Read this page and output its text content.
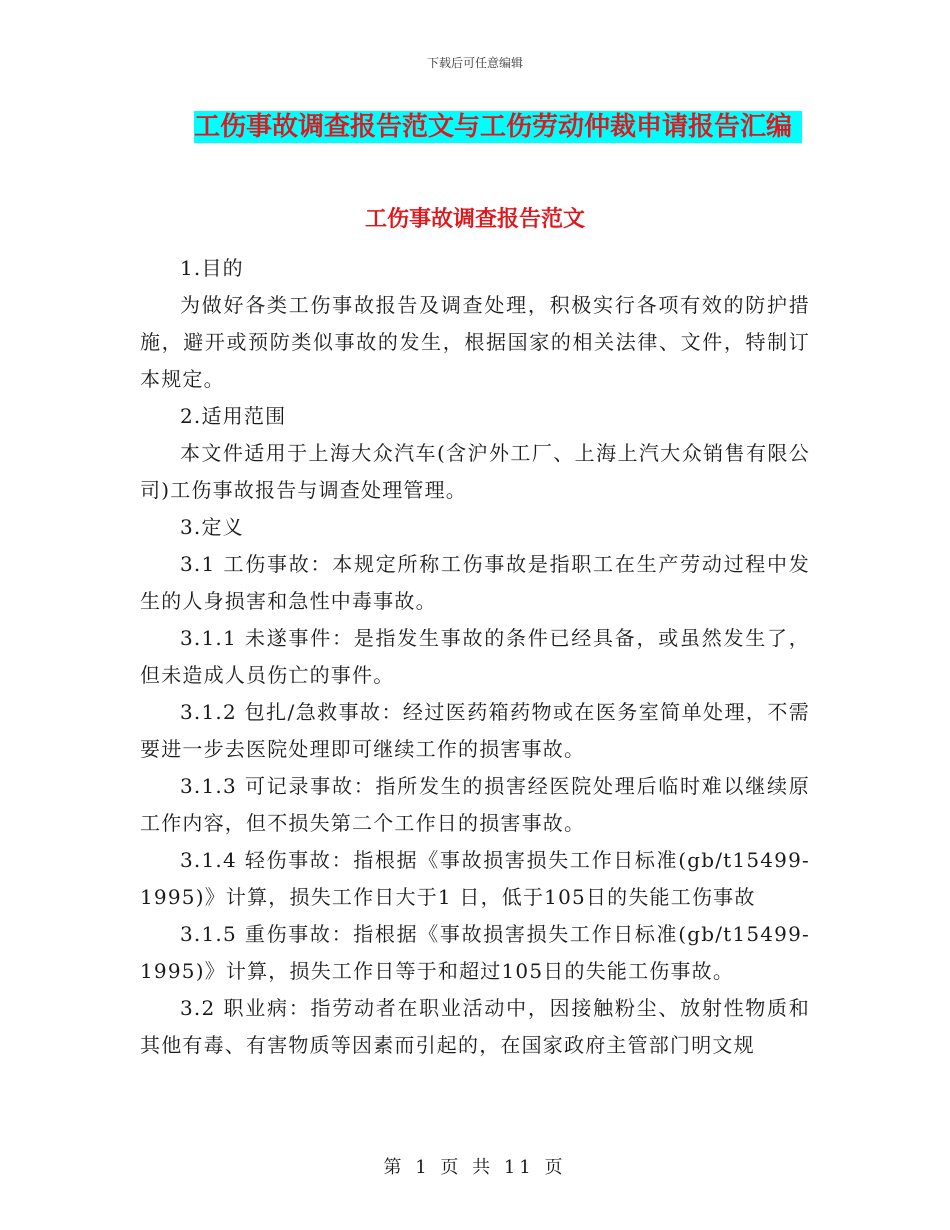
下载后可任意编辑
工伤事故调查报告范文与工伤劳动仲裁申请报告汇编
工伤事故调查报告范文

1.目的

为做好各类工伤事故报告及调查处理，积极实行各项有效的防护措施，避开或预防类似事故的发生，根据国家的相关法律、文件，特制订本规定。

2.适用范围

本文件适用于上海大众汽车(含沪外工厂、上海上汽大众销售有限公司)工伤事故报告与调查处理管理。

3.定义

3.1 工伤事故：本规定所称工伤事故是指职工在生产劳动过程中发生的人身损害和急性中毒事故。

3.1.1 未遂事件：是指发生事故的条件已经具备，或虽然发生了，但未造成人员伤亡的事件。

3.1.2 包扎/急救事故：经过医药箱药物或在医务室简单处理，不需要进一步去医院处理即可继续工作的损害事故。

3.1.3 可记录事故：指所发生的损害经医院处理后临时难以继续原工作内容，但不损失第二个工作日的损害事故。

3.1.4 轻伤事故：指根据《事故损害损失工作日标准(gb/t15499-1995)》计算，损失工作日大于1 日，低于105日的失能工伤事故

3.1.5 重伤事故：指根据《事故损害损失工作日标准(gb/t15499-1995)》计算，损失工作日等于和超过105日的失能工伤事故。

3.2 职业病：指劳动者在职业活动中，因接触粉尘、放射性物质和其他有毒、有害物质等因素而引起的，在国家政府主管部门明文规

第 1 页 共 11 页
